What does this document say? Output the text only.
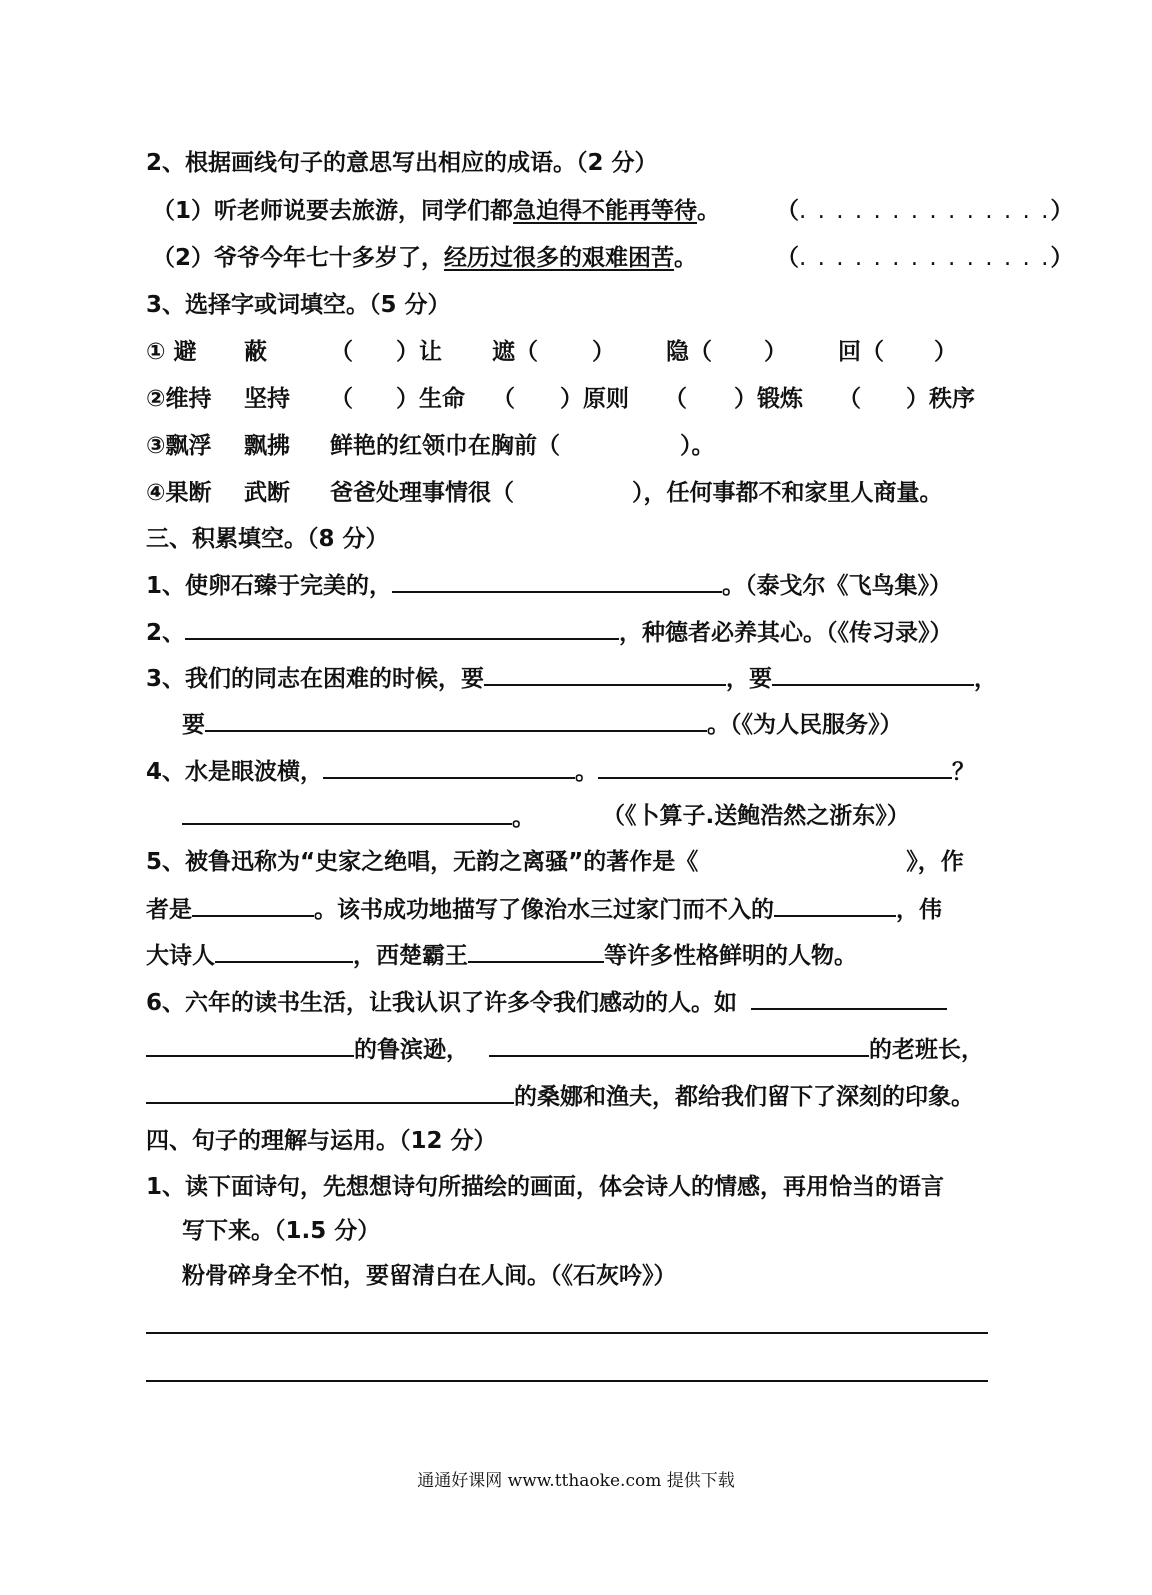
2、根据画线句子的意思写出相应的成语。（2 分）
（1）听老师说要去旅游，同学们都急迫得不能再等待。 （. . . . . . . . . . . . . .）
（2）爷爷今年七十多岁了，经历过很多的艰难困苦。	（. . . . . . . . . . . . . .）
3、选择字或词填空。（5 分）
① 避 蔽	（ ）让 遮（ ） 隐（ ） 回（ ）
②维持 坚持 （ ）生命 （ ）原则 （ ）锻炼 （ ）秩序
③飘浮 飘拂 鲜艳的红领巾在胸前（	）。
④果断 武断 爸爸处理事情很（	），任何事都不和家里人商量。
三、积累填空。（8 分）
1、使卵石臻于完美的，	。（泰戈尔《飞鸟集》）
2、	，种德者必养其心。（《传习录》）
3、我们的同志在困难的时候，要	，要	，
要	。（《为人民服务》）
4、水是眼波横，	。	？
。	（《卜算子.送鲍浩然之浙东》）
5、被鲁迅称为“史家之绝唱，无韵之离骚”的著作是《	》，作
者是	。该书成功地描写了像治水三过家门而不入的	，伟
大诗人	，西楚霸王	等许多性格鲜明的人物。
6、六年的读书生活，让我认识了许多令我们感动的人。如
的鲁滨逊，	的老班长，
的桑娜和渔夫，都给我们留下了深刻的印象。
四、句子的理解与运用。（12 分）
1、读下面诗句，先想想诗句所描绘的画面，体会诗人的情感，再用恰当的语言
写下来。（1.5 分）
粉骨碎身全不怕，要留清白在人间。（《石灰吟》）
通通好课网 www.tthaoke.com 提供下载
